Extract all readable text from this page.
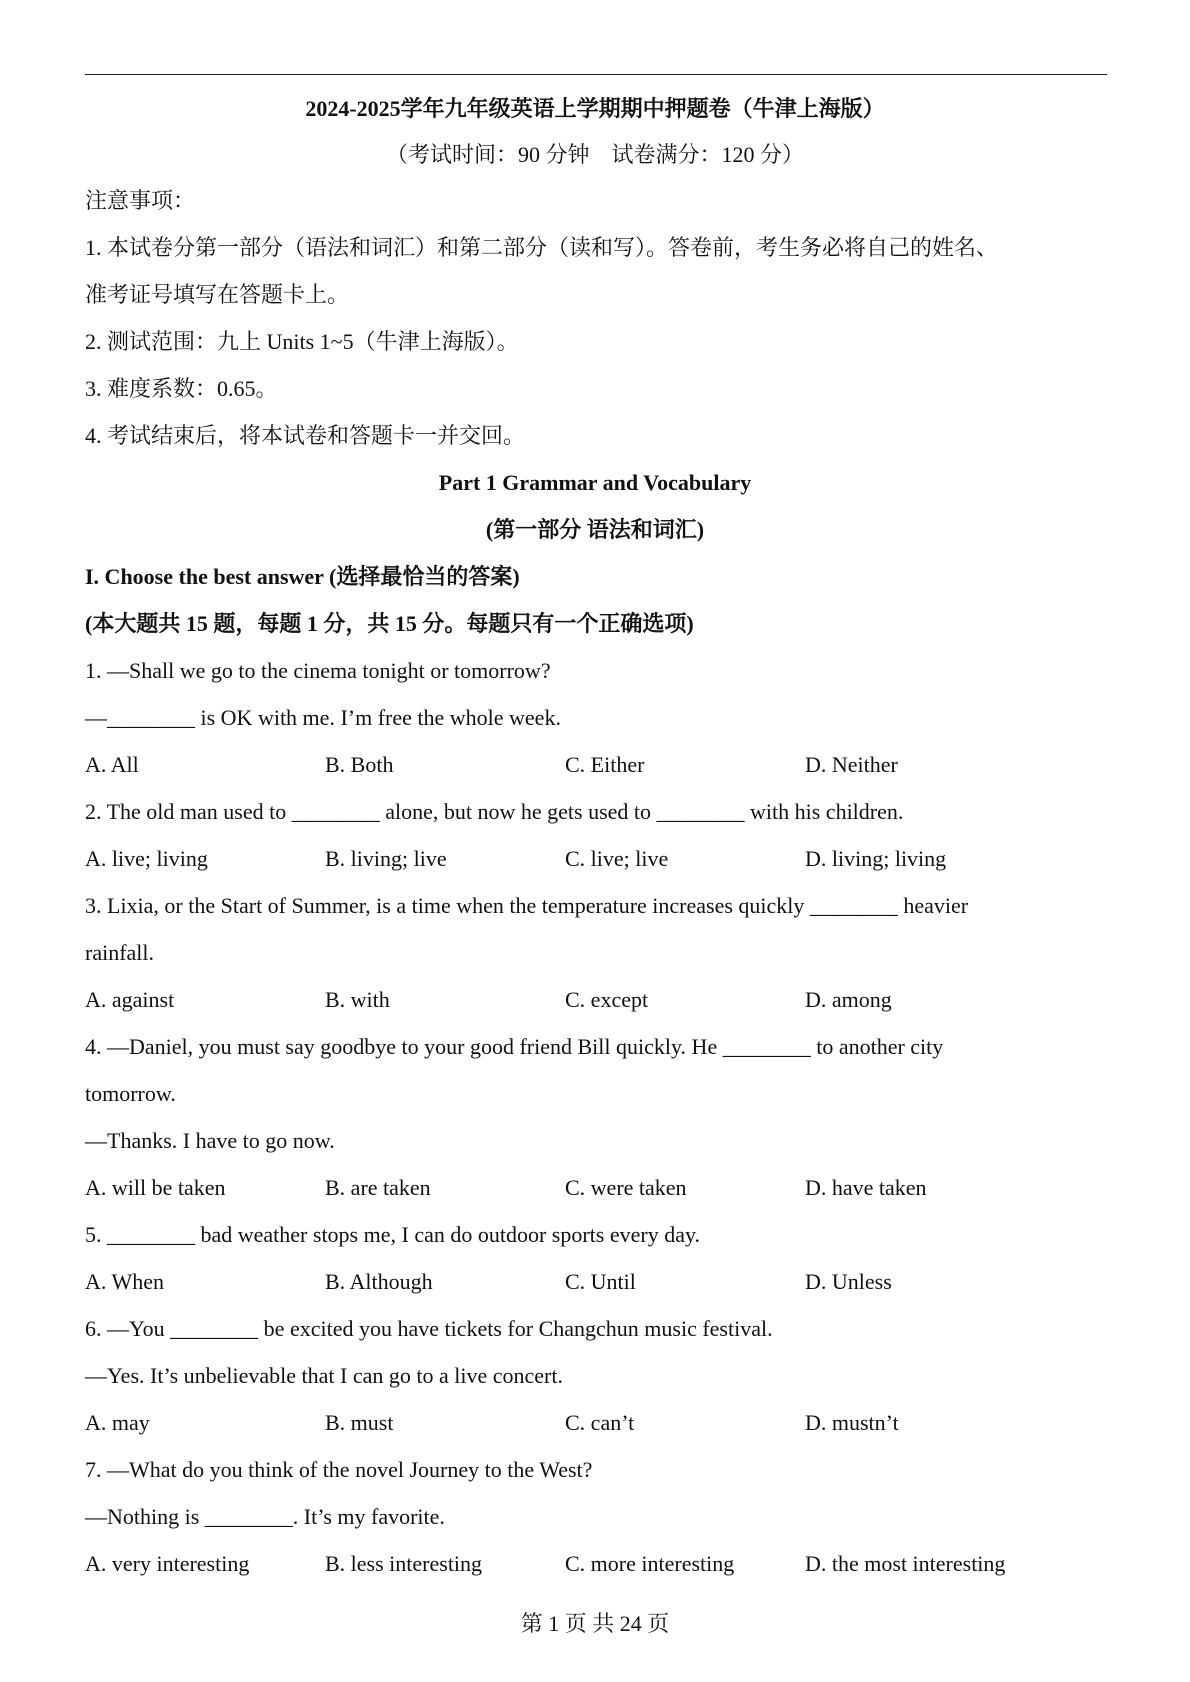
2024-2025学年九年级英语上学期期中押题卷（牛津上海版）
（考试时间：90 分钟　试卷满分：120 分）
注意事项：
1. 本试卷分第一部分（语法和词汇）和第二部分（读和写）。答卷前，考生务必将自己的姓名、
准考证号填写在答题卡上。
2. 测试范围：九上 Units 1~5（牛津上海版）。
3. 难度系数：0.65。
4. 考试结束后，将本试卷和答题卡一并交回。
Part 1 Grammar and Vocabulary
(第一部分 语法和词汇)
I. Choose the best answer (选择最恰当的答案)
(本大题共 15 题，每题 1 分，共 15 分。每题只有一个正确选项)
1. —Shall we go to the cinema tonight or tomorrow?
—________ is OK with me. I’m free the whole week.
A. All	B. Both	C. Either	D. Neither
2. The old man used to ________ alone, but now he gets used to ________ with his children.
A. live; living	B. living; live	C. live; live	D. living; living
3. Lixia, or the Start of Summer, is a time when the temperature increases quickly ________ heavier
rainfall.
A. against	B. with	C. except	D. among
4. —Daniel, you must say goodbye to your good friend Bill quickly. He ________ to another city
tomorrow.
—Thanks. I have to go now.
A. will be taken	B. are taken	C. were taken	D. have taken
5. ________ bad weather stops me, I can do outdoor sports every day.
A. When	B. Although	C. Until	D. Unless
6. —You ________ be excited you have tickets for Changchun music festival.
—Yes. It’s unbelievable that I can go to a live concert.
A. may	B. must	C. can’t	D. mustn’t
7. —What do you think of the novel Journey to the West?
—Nothing is ________. It’s my favorite.
A. very interesting	B. less interesting	C. more interesting	D. the most interesting
第 1 页 共 24 页
